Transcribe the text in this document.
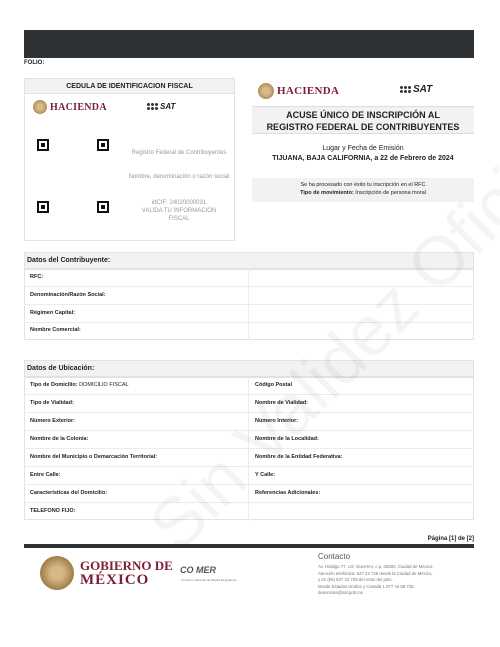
FOLIO:
CEDULA DE IDENTIFICACION FISCAL
HACIENDA	SAT
Registro Federal de Contribuyentes
Nombre, denominación o razón social
idCIF: 24020000031
VALIDA TU INFORMACIÓN
FISCAL
HACIENDA	SAT
ACUSE ÚNICO DE INSCRIPCIÓN AL
REGISTRO FEDERAL DE CONTRIBUYENTES
Lugar y Fecha de Emisión
TIJUANA, BAJA CALIFORNIA, a 22 de Febrero de 2024
Se ha procesado con éxito tu inscripción en el RFC
Tipo de movimiento: Inscripción de persona moral
Datos del Contribuyente:
RFC:
Denominación/Razón Social:
Régimen Capital:
Nombre Comercial:
Datos de Ubicación:
Tipo de Domicilio: DOMICILIO FISCAL	Código Postal
Tipo de Vialidad:	Nombre de Vialidad:
Número Exterior:	Número Interior:
Nombre de la Colonia:	Nombre de la Localidad:
Nombre del Municipio o Demarcación Territorial:	Nombre de la Entidad Federativa:
Entre Calle:	Y Calle:
Características del Domicilio:	Referencias Adicionales:
TELEFONO FIJO:
Página [1] de [2]
GOBIERNO DE
MÉXICO
CO MER
Comisión Nacional de Mejora Regulatoria
Contacto
Av. Hidalgo 77, col. Guerrero, c.p. 06300, Ciudad de México.
Atención telefónica: 627 22 728 desde la Ciudad de México,
y 01 (55) 627 22 728 del resto del país.
Desde Estados Unidos y Canadá 1 877 44 88 728.
denuncias@sat.gob.mx
